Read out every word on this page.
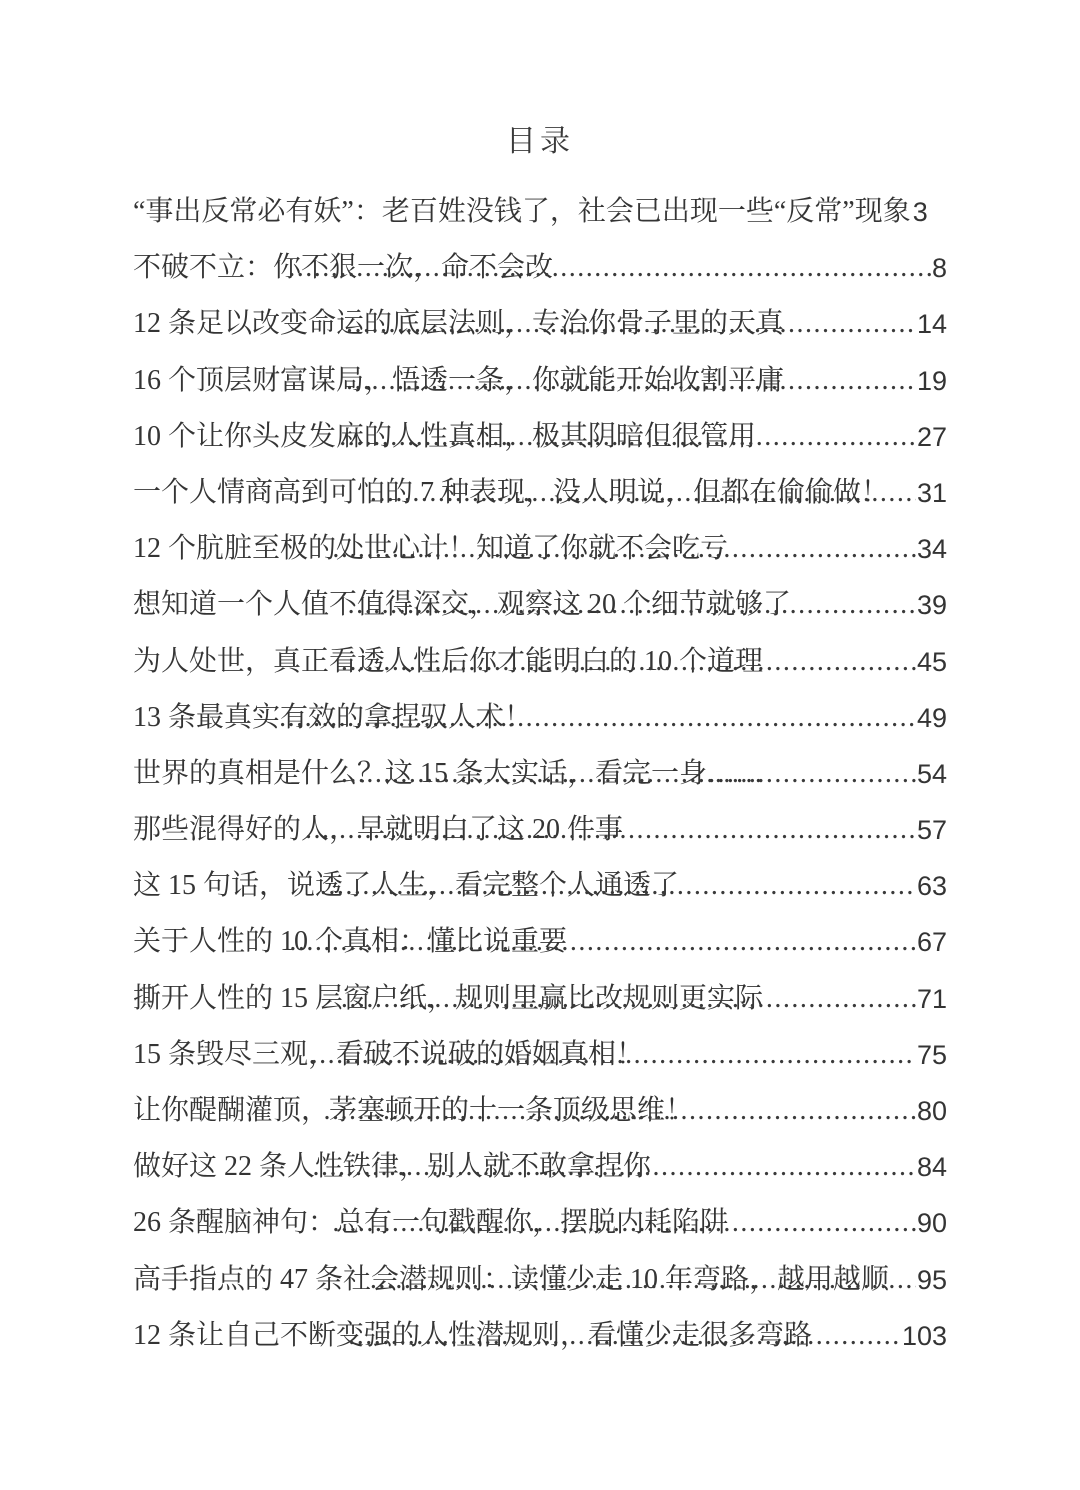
目录
“事出反常必有妖”：老百姓没钱了，社会已出现一些“反常”现象 3
不破不立：你不狠一次，命不会改 .....	8
12 条足以改变命运的底层法则，专治你骨子里的天真 .....	14
16 个顶层财富谋局，悟透一条，你就能开始收割平庸 .....	19
10 个让你头皮发麻的人性真相，极其阴暗但很管用 .....	27
一个人情商高到可怕的 7 种表现，没人明说，但都在偷偷做！ ..... 31
12 个肮脏至极的处世心计！知道了你就不会吃亏 .....	34
想知道一个人值不值得深交，观察这 20 个细节就够了 .....	39
为人处世，真正看透人性后你才能明白的 10 个道理 .....	45
13 条最真实有效的拿捏驭人术！ .....	49
世界的真相是什么？这 15 条大实话，看完一身…… .....	54
那些混得好的人，早就明白了这 20 件事 .....	57
这 15 句话，说透了人生，看完整个人通透了 .....	63
关于人性的 10 个真相：懂比说重要 .....	67
撕开人性的 15 层窗户纸，规则里赢比改规则更实际 .....	71
15 条毁尽三观，看破不说破的婚姻真相！ .....	75
让你醍醐灌顶，茅塞顿开的十一条顶级思维！ .....	80
做好这 22 条人性铁律，别人就不敢拿捏你 .....	84
26 条醒脑神句：总有一句戳醒你，摆脱内耗陷阱 .....	90
高手指点的 47 条社会潜规则：读懂少走 10 年弯路，越用越顺 ..... 95
12 条让自己不断变强的人性潜规则，看懂少走很多弯路 .....	103
